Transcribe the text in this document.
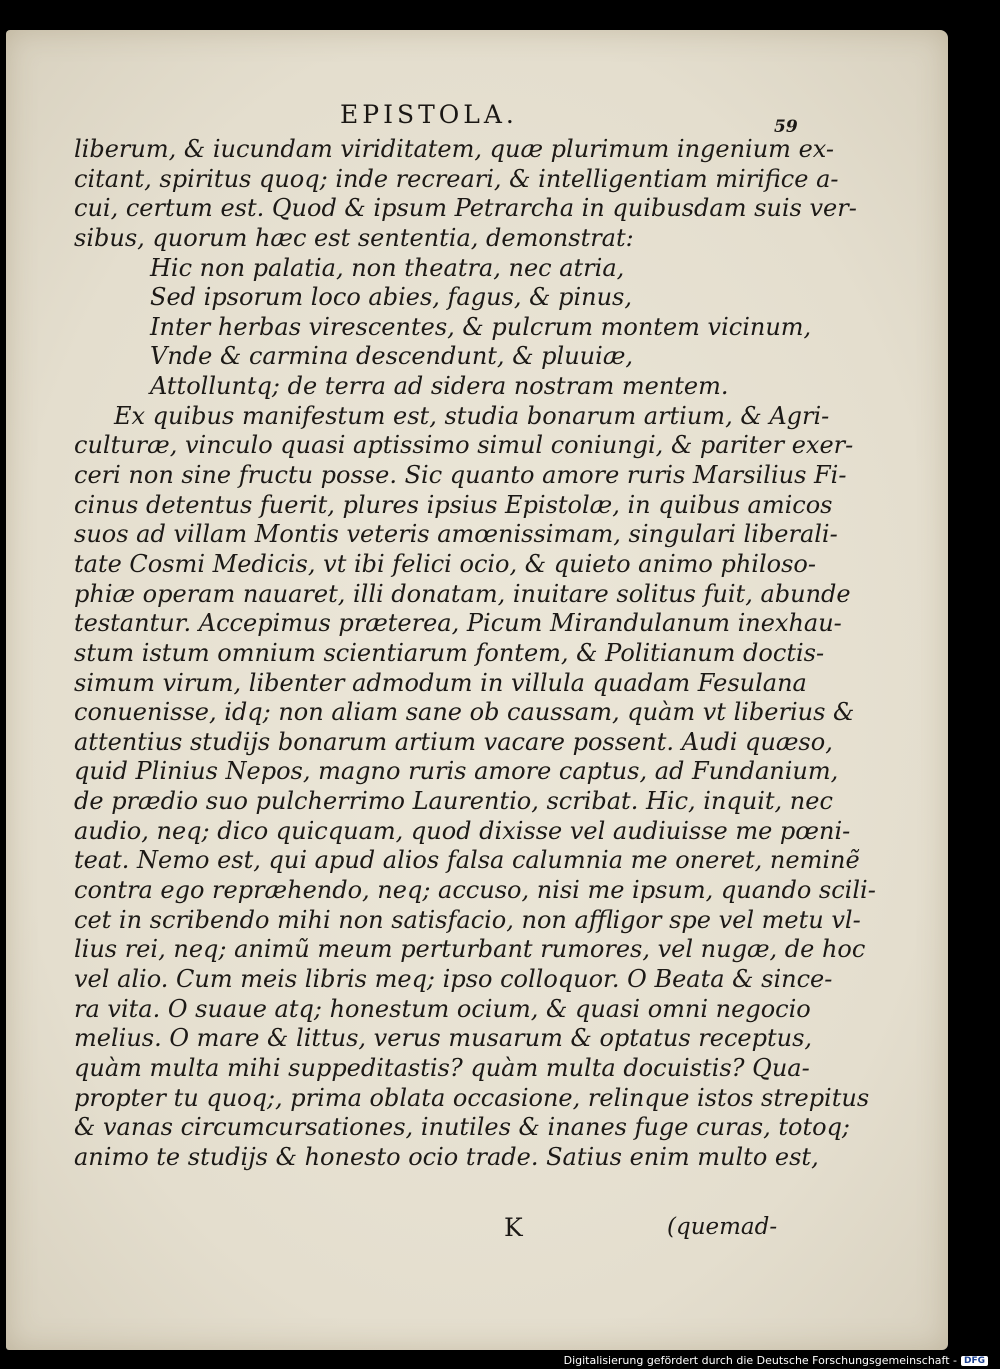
EPISTOLA.	59
liberum, & iucundam viriditatem, quæ plurimum ingenium ex-
citant, spiritus quoq; inde recreari, & intelligentiam mirifice a-
cui, certum est. Quod & ipsum Petrarcha in quibusdam suis ver-
sibus, quorum hæc est sententia, demonstrat:
Hic non palatia, non theatra, nec atria,
Sed ipsorum loco abies, fagus, & pinus,
Inter herbas virescentes, & pulcrum montem vicinum,
Vnde & carmina descendunt, & pluuiæ,
Attolluntq; de terra ad sidera nostram mentem.
Ex quibus manifestum est, studia bonarum artium, & Agri-
culturæ, vinculo quasi aptissimo simul coniungi, & pariter exer-
ceri non sine fructu posse. Sic quanto amore ruris Marsilius Fi-
cinus detentus fuerit, plures ipsius Epistolæ, in quibus amicos
suos ad villam Montis veteris amœnissimam, singulari liberali-
tate Cosmi Medicis, vt ibi felici ocio, & quieto animo philoso-
phiæ operam nauaret, illi donatam, inuitare solitus fuit, abunde
testantur. Accepimus præterea, Picum Mirandulanum inexhau-
stum istum omnium scientiarum fontem, & Politianum doctis-
simum virum, libenter admodum in villula quadam Fesulana
conuenisse, idq; non aliam sane ob caussam, quàm vt liberius &
attentius studijs bonarum artium vacare possent. Audi quæso,
quid Plinius Nepos, magno ruris amore captus, ad Fundanium,
de prædio suo pulcherrimo Laurentio, scribat. Hic, inquit, nec
audio, neq; dico quicquam, quod dixisse vel audiuisse me pœni-
teat. Nemo est, qui apud alios falsa calumnia me oneret, neminẽ
contra ego repræhendo, neq; accuso, nisi me ipsum, quando scili-
cet in scribendo mihi non satisfacio, non affligor spe vel metu vl-
lius rei, neq; animũ meum perturbant rumores, vel nugæ, de hoc
vel alio. Cum meis libris meq; ipso colloquor. O Beata & since-
ra vita. O suaue atq; honestum ocium, & quasi omni negocio
melius. O mare & littus, verus musarum & optatus receptus,
quàm multa mihi suppeditastis? quàm multa docuistis? Qua-
propter tu quoq;, prima oblata occasione, relinque istos strepitus
& vanas circumcursationes, inutiles & inanes fuge curas, totoq;
animo te studijs & honesto ocio trade. Satius enim multo est,
K	(quemad-
Digitalisierung gefördert durch die Deutsche Forschungsgemeinschaft - DFG
